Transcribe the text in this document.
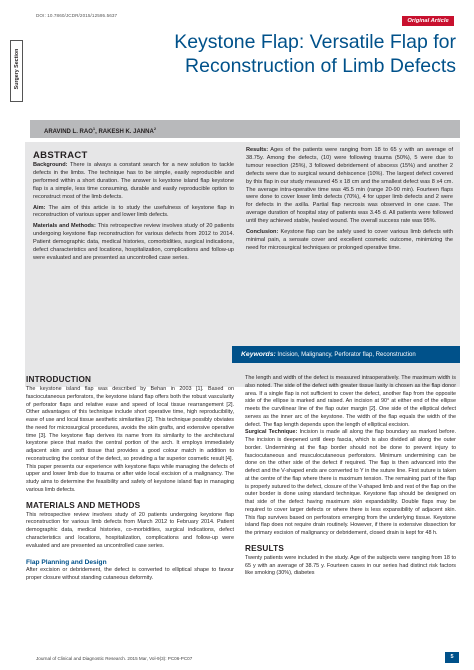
DOI: 10.7860/JCDR/2015/12595.5637
Original Article
Surgery Section
Keystone Flap: Versatile Flap for
Reconstruction of Limb Defects
ARAVIND L. RAO$^1$, RAKESH K. JANNA$^2$
ABSTRACT

Background: There is always a constant search for a new solution to tackle defects in the limbs. The technique has to be simple, easily reproducible and performed within a short duration. The answer is keystone island flap keystone flap is a simple, less time consuming, durable and easily reproducible option to reconstruct most of the limb defects.

Aim: The aim of this article is to study the usefulness of keystone flap in reconstruction of various upper and lower limb defects.

Materials and Methods: This retrospective review involves study of 20 patients undergoing keystone flap reconstruction for various defects from 2012 to 2014. Patient demographic data, medical histories, comorbidities, surgical indications, defect characteristics and locations, hospitalization, complications and follow-up were evaluated and are presented as uncontrolled case series.

Results: Ages of the patients were ranging from 18 to 65 y with an average of 38.75y. Among the defects, (10) were following trauma (50%), 5 were due to tumour resection (25%), 3 followed debridement of abscess (15%) and another 2 defects were due to surgical wound dehiscence (10%). The largest defect covered by this flap in our study measured 45 x 18 cm and the smallest defect was 8 x4 cm. The average intra-operative time was 45.5 min (range 20-90 min). Fourteen flaps were done to cover lower limb defects (70%), 4 for upper limb defects and 2 were for defects in the axilla. Partial flap necrosis was observed in one case. The average duration of hospital stay of patients was 3.45 d. All patients were followed until they achieved stable, healed wound. The overall success rate was 95%.

Conclusion: Keystone flap can be safely used to cover various limb defects with minimal pain, a sensate cover and excellent cosmetic outcome, minimizing the need for microsurgical techniques or prolonged operative time.

Keywords: Incision, Malignancy, Perforator flap, Reconstruction
INTRODUCTION

The keystone island flap was described by Behan in 2003 [1]. Based on fasciocutaneous perforators, the keystone island flap offers both the robust vascularity of perforator flaps and relative ease and speed of local tissue rearrangement [2]. Other advantages of this technique include short operative time, high reproducibility, ease of use and local tissue aesthetic similarities [2]. This technique possibly obviates the need for microsurgical procedures, avoids the skin grafts, and extensive operative time [3]. The keystone flap derives its name from its similarity to the architectural keystone piece that marks the central portion of the arch. It employs immediately adjacent skin and soft tissue that provides a good colour match in addition to reconstructing the contour of the defect, so providing a far superior cosmetic result [4].

This paper presents our experience with keystone flaps while managing the defects of upper and lower limb due to trauma or after wide local excision of a malignancy. The study aims to determine the feasibility and safety of keystone island flap in managing various limb defects.

MATERIALS AND METHODS

This retrospective review involves study of 20 patients undergoing keystone flap reconstruction for various limb defects from March 2012 to February 2014. Patient demographic data, medical histories, co-morbidities, surgical indications, defect characteristics and locations, hospitalization, complications and follow-up were evaluated and are presented as uncontrolled case series.

Flap Planning and Design

After excision or debridement, the defect is converted to elliptical shape to favour proper closure without standing cutaneous deformity.

The length and width of the defect is measured intraoperatively. The maximum width is also noted. The side of the defect with greater tissue laxity is chosen as the flap donor area. If a single flap is not sufficient to cover the defect, another flap from the opposite side of the ellipse is marked and raised. An incision at 90° at either end of the ellipse meets the curvilinear line of the flap outer margin [2]. One side of the elliptical defect serves as the inner arc of the keystone. The width of the flap equals the width of the defect. The flap length depends upon the length of elliptical excision.

Surgical Technique: Incision is made all along the flap boundary as marked before. The incision is deepened until deep fascia, which is also divided all along the outer border. Undermining at the flap border should not be done to prevent injury to fasciocutaneous and musculocutaneous perforators. Minimum undermining can be done on the other side of the defect if required. The flap is then advanced into the defect and the V-shaped ends are converted to Y in the suture line. First suture is taken at the centre of the flap where there is maximum tension. The remaining part of the flap is properly sutured to the defect, closure of the V-shaped limb and rest of the flap on the outer border is done using standard technique. Keystone flap should be designed on that side of the defect having maximum skin expandability. Double flaps may be required to cover larger defects or where there is less expansibility of adjacent skin. This flap survives based on perforators emerging from the underlying tissue. Keystone island flap does not require drain routinely. However, if there is extensive dissection for the primary excision of malignancy or debridement, closed drain is kept for 48 h.

RESULTS

Twenty patients were included in the study. Age of the subjects were ranging from 18 to 65 y with an average of 38.75 y. Fourteen cases in our series had distinct risk factors like smoking (30%), diabetes

Journal of Clinical and Diagnostic Research. 2015 Mar, Vol-9(3): PC06-PC07	5
